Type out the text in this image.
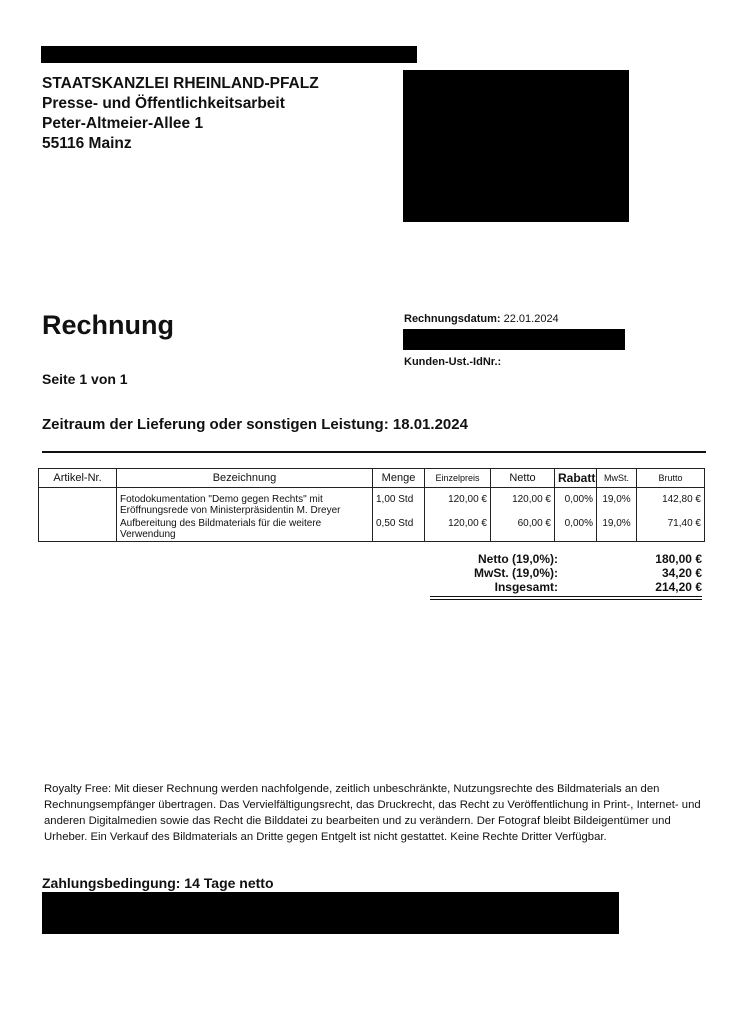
STAATSKANZLEI RHEINLAND-PFALZ
Presse- und Öffentlichkeitsarbeit
Peter-Altmeier-Allee 1
55116 Mainz
Rechnung
Seite 1 von 1
Rechnungsdatum: 22.01.2024
Kunden-Ust.-IdNr.:
Zeitraum der Lieferung oder sonstigen Leistung: 18.01.2024
Artikel-Nr.	Bezeichnung	Menge	Einzelpreis	Netto	Rabatt	MwSt.	Brutto
	Fotodokumentation "Demo gegen Rechts" mit Eröffnungsrede von Ministerpräsidentin M. Dreyer	1,00 Std	120,00 €	120,00 €	0,00%	19,0%	142,80 €
	Aufbereitung des Bildmaterials für die weitere Verwendung	0,50 Std	120,00 €	60,00 €	0,00%	19,0%	71,40 €
Netto (19,0%):	180,00 €
MwSt. (19,0%):	34,20 €
Insgesamt:	214,20 €
Royalty Free: Mit dieser Rechnung werden nachfolgende, zeitlich unbeschränkte, Nutzungsrechte des Bildmaterials an den Rechnungsempfänger übertragen. Das Vervielfältigungsrecht, das Druckrecht, das Recht zu Veröffentlichung in Print-, Internet- und anderen Digitalmedien sowie das Recht die Bilddatei zu bearbeiten und zu verändern. Der Fotograf bleibt Bildeigentümer und Urheber. Ein Verkauf des Bildmaterials an Dritte gegen Entgelt ist nicht gestattet. Keine Rechte Dritter Verfügbar.
Zahlungsbedingung: 14 Tage netto
